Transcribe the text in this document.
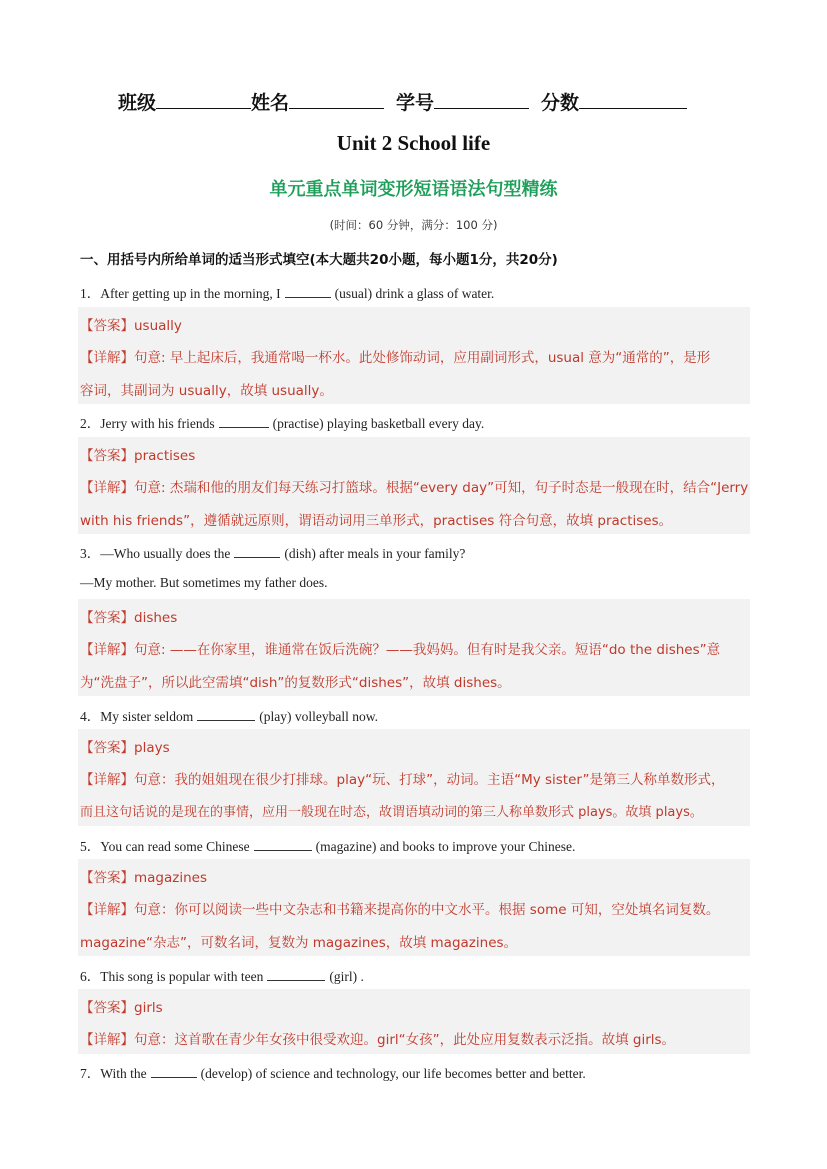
班级	姓名	学号	分数
Unit 2 School life
单元重点单词变形短语语法句型精练
(时间：60 分钟，满分：100 分)
一、用括号内所给单词的适当形式填空(本大题共20小题，每小题1分，共20分)
1．After getting up in the morning, I	(usual) drink a glass of water.
【答案】usually
【详解】句意: 早上起床后，我通常喝一杯水。此处修饰动词，应用副词形式，usual 意为“通常的”，是形
容词，其副词为 usually，故填 usually。
2．Jerry with his friends	(practise) playing basketball every day.
【答案】practises
【详解】句意: 杰瑞和他的朋友们每天练习打篮球。根据“every day”可知，句子时态是一般现在时，结合“Jerry
with his friends”，遵循就远原则，谓语动词用三单形式，practises 符合句意，故填 practises。
3．—Who usually does the	(dish) after meals in your family?
—My mother. But sometimes my father does.
【答案】dishes
【详解】句意: ——在你家里，谁通常在饭后洗碗？——我妈妈。但有时是我父亲。短语“do the dishes”意
为“洗盘子”，所以此空需填“dish”的复数形式“dishes”，故填 dishes。
4．My sister seldom	(play) volleyball now.
【答案】plays
【详解】句意：我的姐姐现在很少打排球。play“玩、打球”，动词。主语“My sister”是第三人称单数形式，
而且这句话说的是现在的事情，应用一般现在时态，故谓语填动词的第三人称单数形式 plays。故填 plays。
5．You can read some Chinese	(magazine) and books to improve your Chinese.
【答案】magazines
【详解】句意：你可以阅读一些中文杂志和书籍来提高你的中文水平。根据 some 可知，空处填名词复数。
magazine“杂志”，可数名词，复数为 magazines，故填 magazines。
6．This song is popular with teen	(girl) .
【答案】girls
【详解】句意：这首歌在青少年女孩中很受欢迎。girl“女孩”，此处应用复数表示泛指。故填 girls。
7．With the	(develop) of science and technology, our life becomes better and better.
